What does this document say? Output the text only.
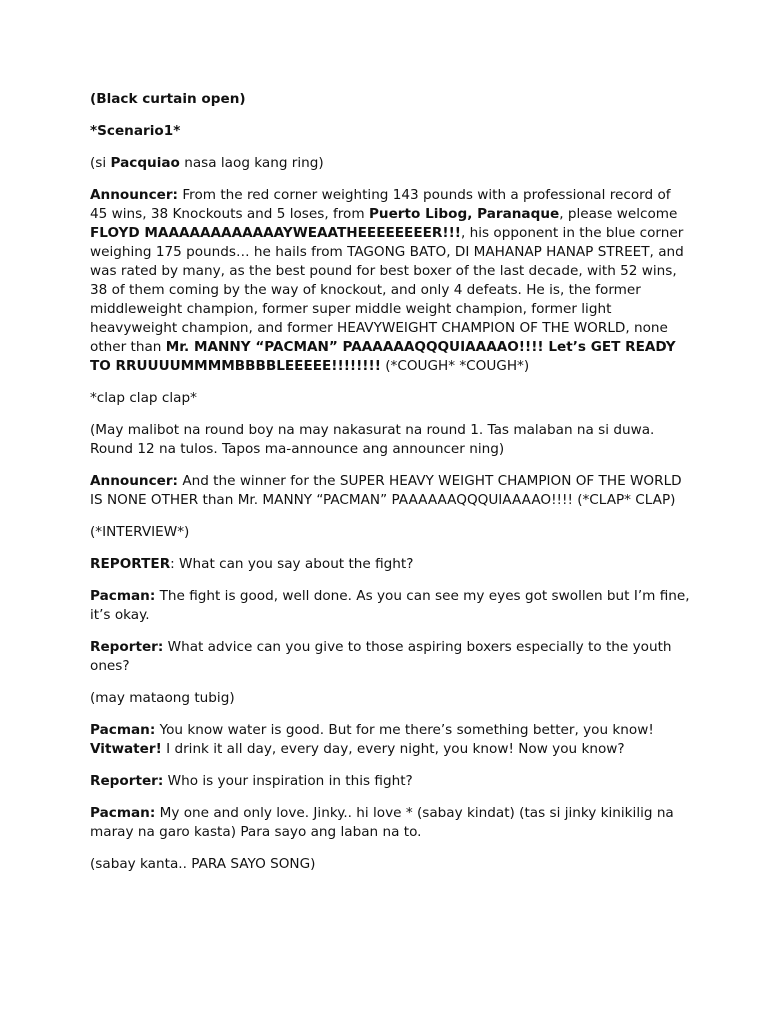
(Black curtain open)

*Scenario1*

(si Pacquiao nasa laog kang ring)

Announcer: From the red corner weighting 143 pounds with a professional record of 45 wins, 38 Knockouts and 5 loses, from Puerto Libog, Paranaque, please welcome FLOYD MAAAAAAAAAAAAYWEAATHEEEEEEEER!!!, his opponent in the blue corner weighing 175 pounds… he hails from TAGONG BATO, DI MAHANAP HANAP STREET, and was rated by many, as the best pound for best boxer of the last decade, with 52 wins, 38 of them coming by the way of knockout, and only 4 defeats. He is, the former middleweight champion, former super middle weight champion, former light heavyweight champion, and former HEAVYWEIGHT CHAMPION OF THE WORLD, none other than Mr. MANNY “PACMAN” PAAAAAAQQQUIAAAAO!!!! Let’s GET READY TO RRUUUUMMMMBBBBLEEEEE!!!!!!!! (*COUGH* *COUGH*)

*clap clap clap*

(May malibot na round boy na may nakasurat na round 1. Tas malaban na si duwa. Round 12 na tulos. Tapos ma-announce ang announcer ning)

Announcer: And the winner for the SUPER HEAVY WEIGHT CHAMPION OF THE WORLD IS NONE OTHER than Mr. MANNY “PACMAN” PAAAAAAQQQUIAAAAO!!!! (*CLAP* CLAP)

(*INTERVIEW*)

REPORTER: What can you say about the fight?

Pacman: The fight is good, well done. As you can see my eyes got swollen but I’m fine, it’s okay.

Reporter: What advice can you give to those aspiring boxers especially to the youth ones?

(may mataong tubig)

Pacman: You know water is good. But for me there’s something better, you know! Vitwater! I drink it all day, every day, every night, you know! Now you know?

Reporter: Who is your inspiration in this fight?

Pacman: My one and only love. Jinky.. hi love * (sabay kindat) (tas si jinky kinikilig na maray na garo kasta) Para sayo ang laban na to.

(sabay kanta.. PARA SAYO SONG)
